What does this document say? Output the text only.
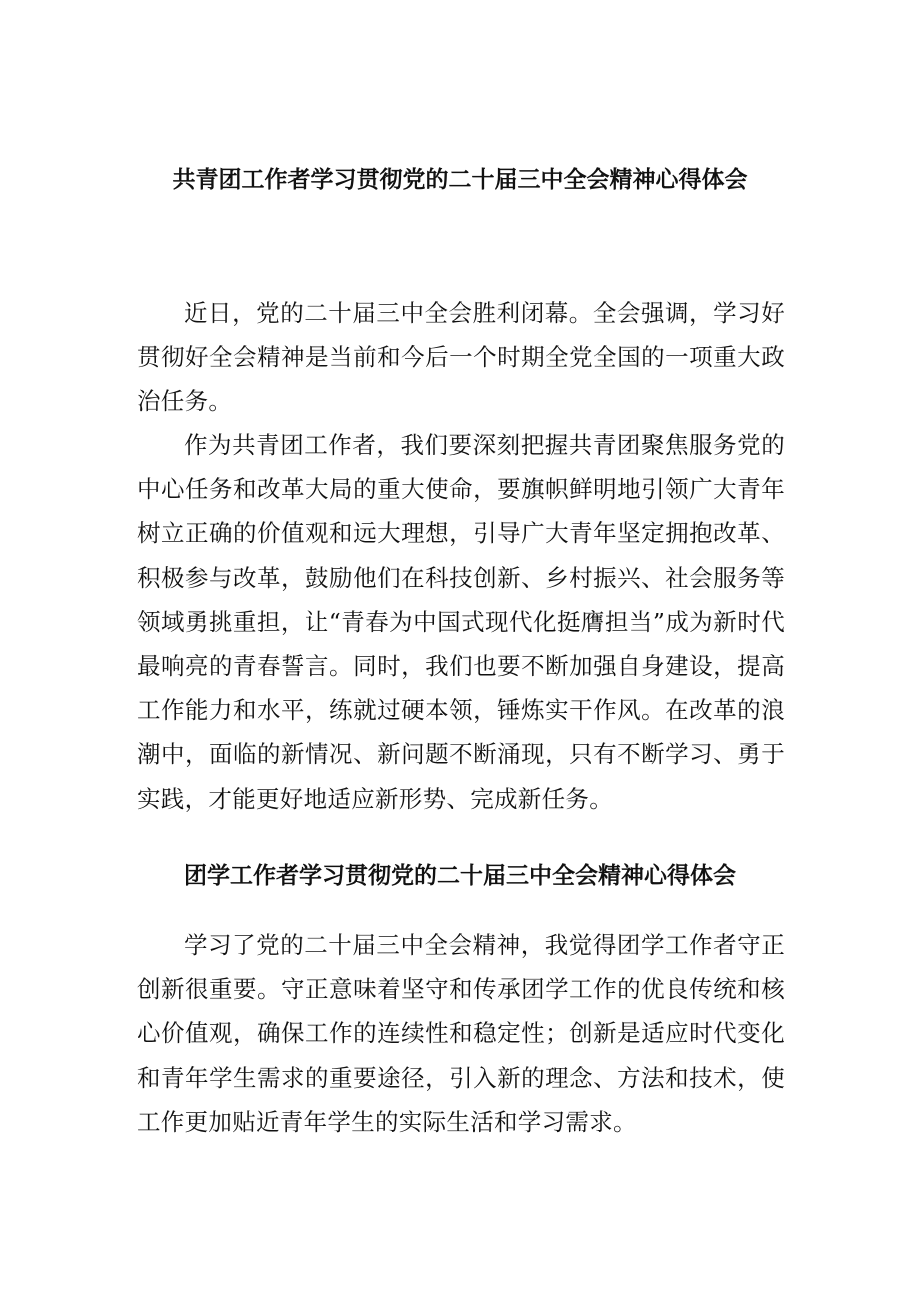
共青团工作者学习贯彻党的二十届三中全会精神心得体会

近日，党的二十届三中全会胜利闭幕。全会强调，学习好贯彻好全会精神是当前和今后一个时期全党全国的一项重大政治任务。

作为共青团工作者，我们要深刻把握共青团聚焦服务党的中心任务和改革大局的重大使命，要旗帜鲜明地引领广大青年树立正确的价值观和远大理想，引导广大青年坚定拥抱改革、积极参与改革，鼓励他们在科技创新、乡村振兴、社会服务等领域勇挑重担，让“青春为中国式现代化挺膺担当”成为新时代最响亮的青春誓言。同时，我们也要不断加强自身建设，提高工作能力和水平，练就过硬本领，锤炼实干作风。在改革的浪潮中，面临的新情况、新问题不断涌现，只有不断学习、勇于实践，才能更好地适应新形势、完成新任务。

团学工作者学习贯彻党的二十届三中全会精神心得体会

学习了党的二十届三中全会精神，我觉得团学工作者守正创新很重要。守正意味着坚守和传承团学工作的优良传统和核心价值观，确保工作的连续性和稳定性；创新是适应时代变化和青年学生需求的重要途径，引入新的理念、方法和技术，使工作更加贴近青年学生的实际生活和学习需求。
